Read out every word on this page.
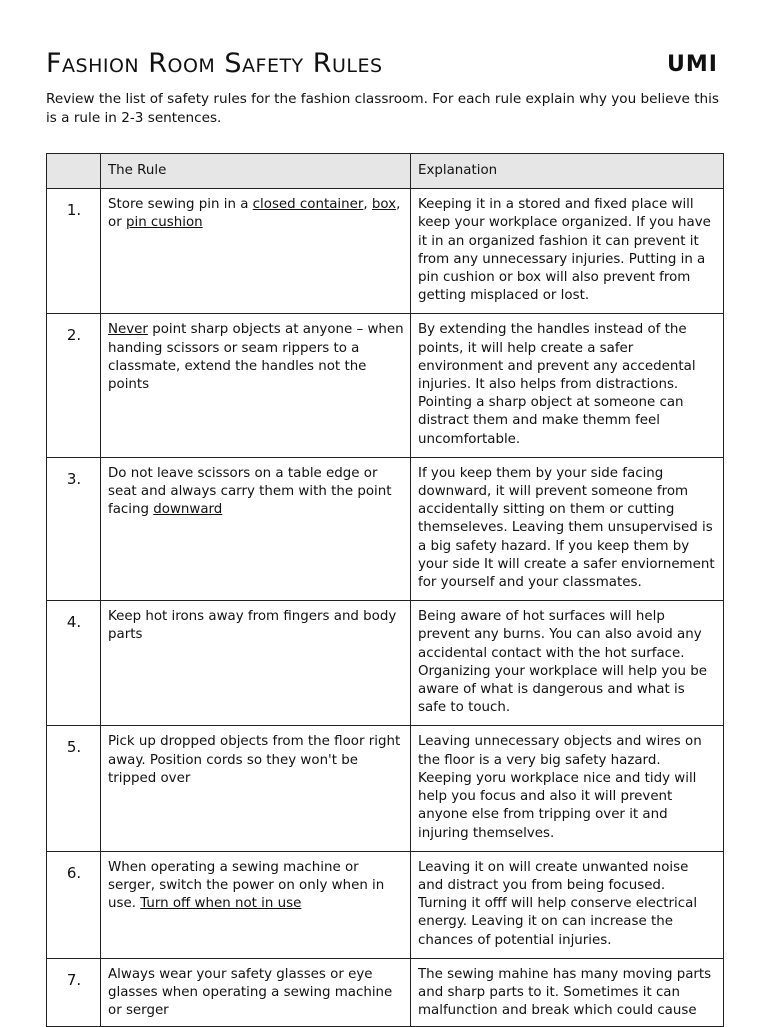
Fashion Room Safety Rules	UMI
Review the list of safety rules for the fashion classroom. For each rule explain why you believe this is a rule in 2-3 sentences.
	The Rule	Explanation
1.	Store sewing pin in a closed container, box, or pin cushion	Keeping it in a stored and fixed place will keep your workplace organized. If you have it in an organized fashion it can prevent it from any unnecessary injuries. Putting in a pin cushion or box will also prevent from getting misplaced or lost.
2.	Never point sharp objects at anyone – when handing scissors or seam rippers to a classmate, extend the handles not the points	By extending the handles instead of the points, it will help create a safer environment and prevent any accedental injuries. It also helps from distractions. Pointing a sharp object at someone can distract them and make themm feel uncomfortable.
3.	Do not leave scissors on a table edge or seat and always carry them with the point facing downward	If you keep them by your side facing downward, it will prevent someone from accidentally sitting on them or cutting themseleves. Leaving them unsupervised is a big safety hazard. If you keep them by your side It will create a safer enviornement for yourself and your classmates.
4.	Keep hot irons away from fingers and body parts	Being aware of hot surfaces will help prevent any burns. You can also avoid any accidental contact with the hot surface. Organizing your workplace will help you be aware of what is dangerous and what is safe to touch.
5.	Pick up dropped objects from the floor right away. Position cords so they won't be tripped over	Leaving unnecessary objects and wires on the floor is a very big safety hazard. Keeping yoru workplace nice and tidy will help you focus and also it will prevent anyone else from tripping over it and injuring themselves.
6.	When operating a sewing machine or serger, switch the power on only when in use. Turn off when not in use	Leaving it on will create unwanted noise and distract you from being focused. Turning it offf will help conserve electrical energy. Leaving it on can increase the chances of potential injuries.
7.	Always wear your safety glasses or eye glasses when operating a sewing machine or serger	The sewing mahine has many moving parts and sharp parts to it. Sometimes it can malfunction and break which could cause
